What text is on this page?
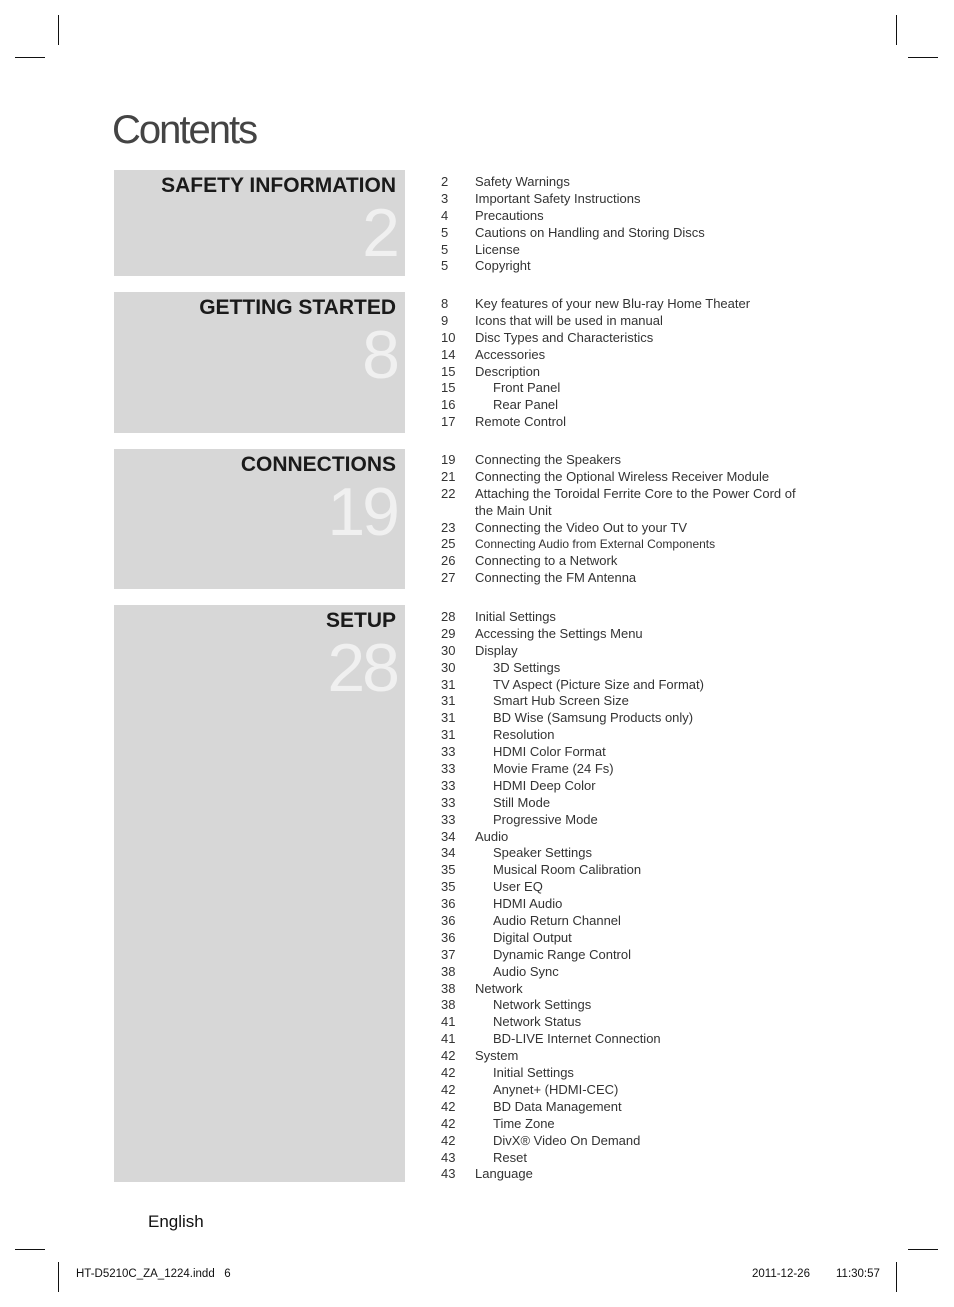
Contents
SAFETY INFORMATION
2
GETTING STARTED
8
CONNECTIONS
19
SETUP
28
2 Safety Warnings
3 Important Safety Instructions
4 Precautions
5 Cautions on Handling and Storing Discs
5 License
5 Copyright
8 Key features of your new Blu-ray Home Theater
9 Icons that will be used in manual
10 Disc Types and Characteristics
14 Accessories
15 Description
15	Front Panel
16	Rear Panel
17 Remote Control
19 Connecting the Speakers
21 Connecting the Optional Wireless Receiver Module
22 Attaching the Toroidal Ferrite Core to the Power Cord of the Main Unit
23 Connecting the Video Out to your TV
25 Connecting Audio from External Components
26 Connecting to a Network
27 Connecting the FM Antenna
28 Initial Settings
29 Accessing the Settings Menu
30 Display
30	3D Settings
31	TV Aspect (Picture Size and Format)
31	Smart Hub Screen Size
31	BD Wise (Samsung Products only)
31	Resolution
33	HDMI Color Format
33	Movie Frame (24 Fs)
33	HDMI Deep Color
33	Still Mode
33	Progressive Mode
34 Audio
34	Speaker Settings
35	Musical Room Calibration
35	User EQ
36	HDMI Audio
36	Audio Return Channel
36	Digital Output
37	Dynamic Range Control
38	Audio Sync
38 Network
38	Network Settings
41	Network Status
41	BD-LIVE Internet Connection
42 System
42	Initial Settings
42	Anynet+ (HDMI-CEC)
42	BD Data Management
42	Time Zone
42	DivX® Video On Demand
43	Reset
43 Language
English
HT-D5210C_ZA_1224.indd   6	2011-12-26 11:30:57
